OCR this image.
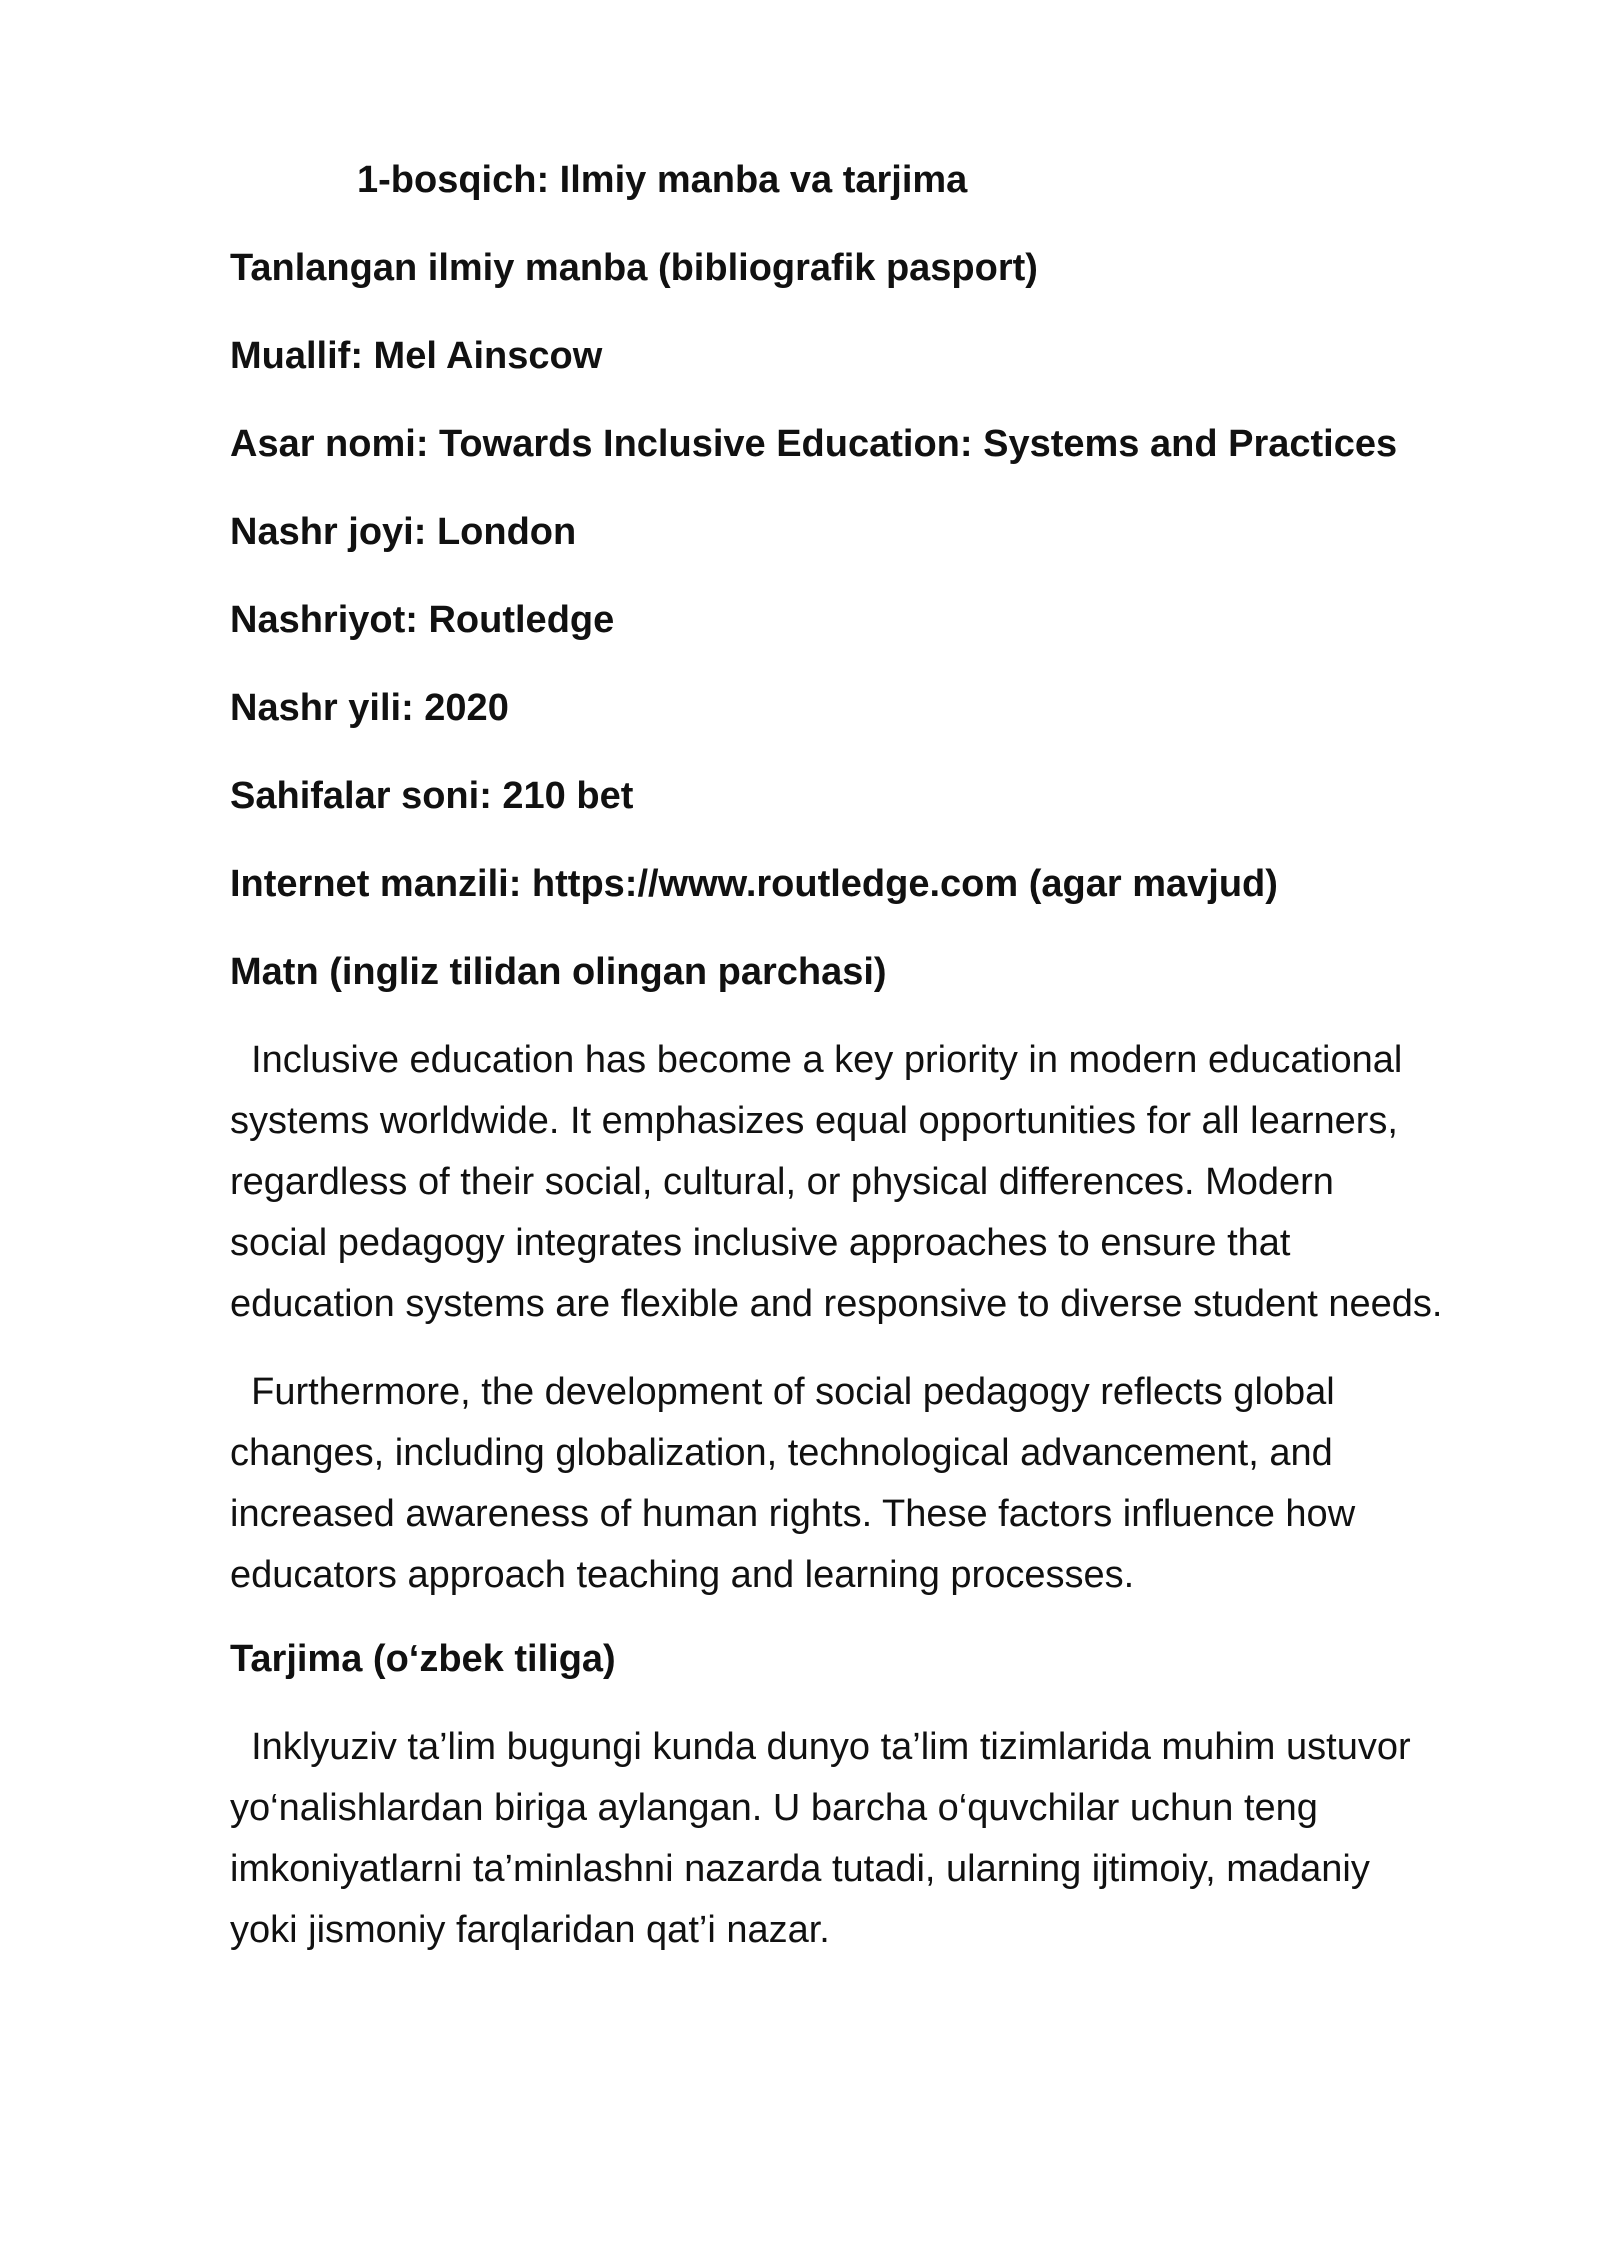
1-bosqich: Ilmiy manba va tarjima
Tanlangan ilmiy manba (bibliografik pasport)
Muallif: Mel Ainscow
Asar nomi: Towards Inclusive Education: Systems and Practices
Nashr joyi: London
Nashriyot: Routledge
Nashr yili: 2020
Sahifalar soni: 210 bet
Internet manzili: https://www.routledge.com (agar mavjud)
Matn (ingliz tilidan olingan parchasi)
Inclusive education has become a key priority in modern educational
systems worldwide. It emphasizes equal opportunities for all learners,
regardless of their social, cultural, or physical differences. Modern
social pedagogy integrates inclusive approaches to ensure that
education systems are flexible and responsive to diverse student needs.
Furthermore, the development of social pedagogy reflects global
changes, including globalization, technological advancement, and
increased awareness of human rights. These factors influence how
educators approach teaching and learning processes.
Tarjima (o‘zbek tiliga)
Inklyuziv ta’lim bugungi kunda dunyo ta’lim tizimlarida muhim ustuvor
yo‘nalishlardan biriga aylangan. U barcha o‘quvchilar uchun teng
imkoniyatlarni ta’minlashni nazarda tutadi, ularning ijtimoiy, madaniy
yoki jismoniy farqlaridan qat’i nazar.
